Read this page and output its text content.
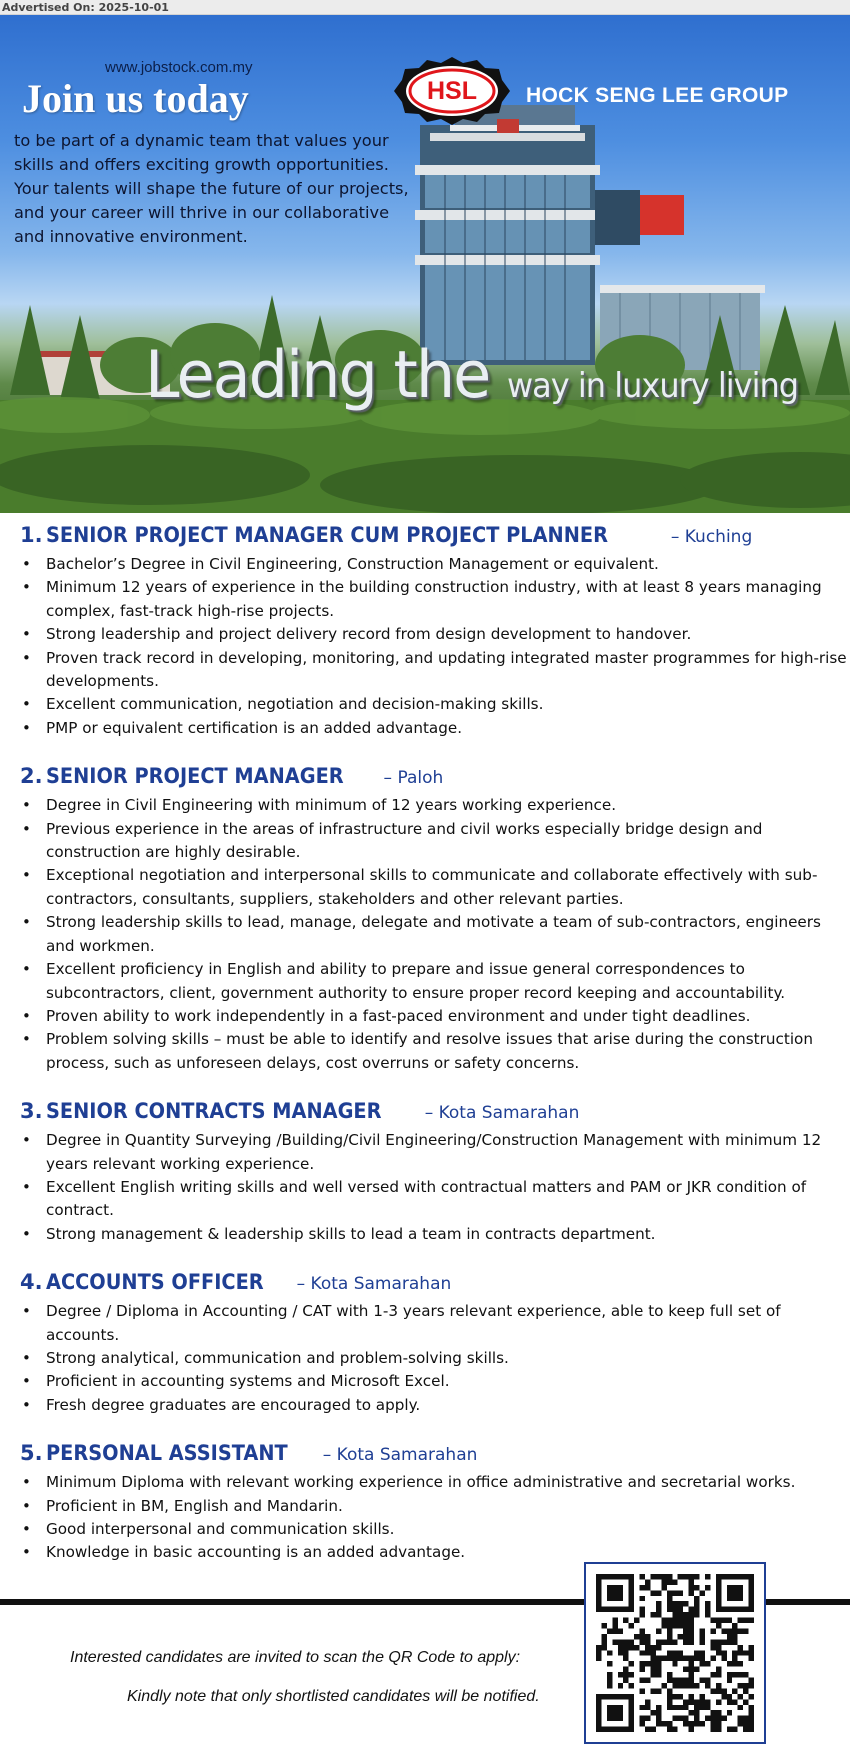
Advertised On: 2025-10-01
www.jobstock.com.my
Join us today
to be part of a dynamic team that values your skills and offers exciting growth opportunities. Your talents will shape the future of our projects, and your career will thrive in our collaborative and innovative environment.
HSL	HOCK SENG LEE GROUP
Leading the way in luxury living
1. SENIOR PROJECT MANAGER CUM PROJECT PLANNER	– Kuching
• Bachelor’s Degree in Civil Engineering, Construction Management or equivalent.
• Minimum 12 years of experience in the building construction industry, with at least 8 years managing complex, fast-track high-rise projects.
• Strong leadership and project delivery record from design development to handover.
• Proven track record in developing, monitoring, and updating integrated master programmes for high-rise developments.
• Excellent communication, negotiation and decision-making skills.
• PMP or equivalent certification is an added advantage.
2. SENIOR PROJECT MANAGER – Paloh
• Degree in Civil Engineering with minimum of 12 years working experience.
• Previous experience in the areas of infrastructure and civil works especially bridge design and construction are highly desirable.
• Exceptional negotiation and interpersonal skills to communicate and collaborate effectively with sub-contractors, consultants, suppliers, stakeholders and other relevant parties.
• Strong leadership skills to lead, manage, delegate and motivate a team of sub-contractors, engineers and workmen.
• Excellent proficiency in English and ability to prepare and issue general correspondences to subcontractors, client, government authority to ensure proper record keeping and accountability.
• Proven ability to work independently in a fast-paced environment and under tight deadlines.
• Problem solving skills – must be able to identify and resolve issues that arise during the construction process, such as unforeseen delays, cost overruns or safety concerns.
3. SENIOR CONTRACTS MANAGER	– Kota Samarahan
• Degree in Quantity Surveying /Building/Civil Engineering/Construction Management with minimum 12 years relevant working experience.
• Excellent English writing skills and well versed with contractual matters and PAM or JKR condition of contract.
• Strong management & leadership skills to lead a team in contracts department.
4. ACCOUNTS OFFICER – Kota Samarahan
• Degree / Diploma in Accounting / CAT with 1-3 years relevant experience, able to keep full set of accounts.
• Strong analytical, communication and problem-solving skills.
• Proficient in accounting systems and Microsoft Excel.
• Fresh degree graduates are encouraged to apply.
5. PERSONAL ASSISTANT – Kota Samarahan
• Minimum Diploma with relevant working experience in office administrative and secretarial works.
• Proficient in BM, English and Mandarin.
• Good interpersonal and communication skills.
• Knowledge in basic accounting is an added advantage.
Interested candidates are invited to scan the QR Code to apply:
Kindly note that only shortlisted candidates will be notified.
